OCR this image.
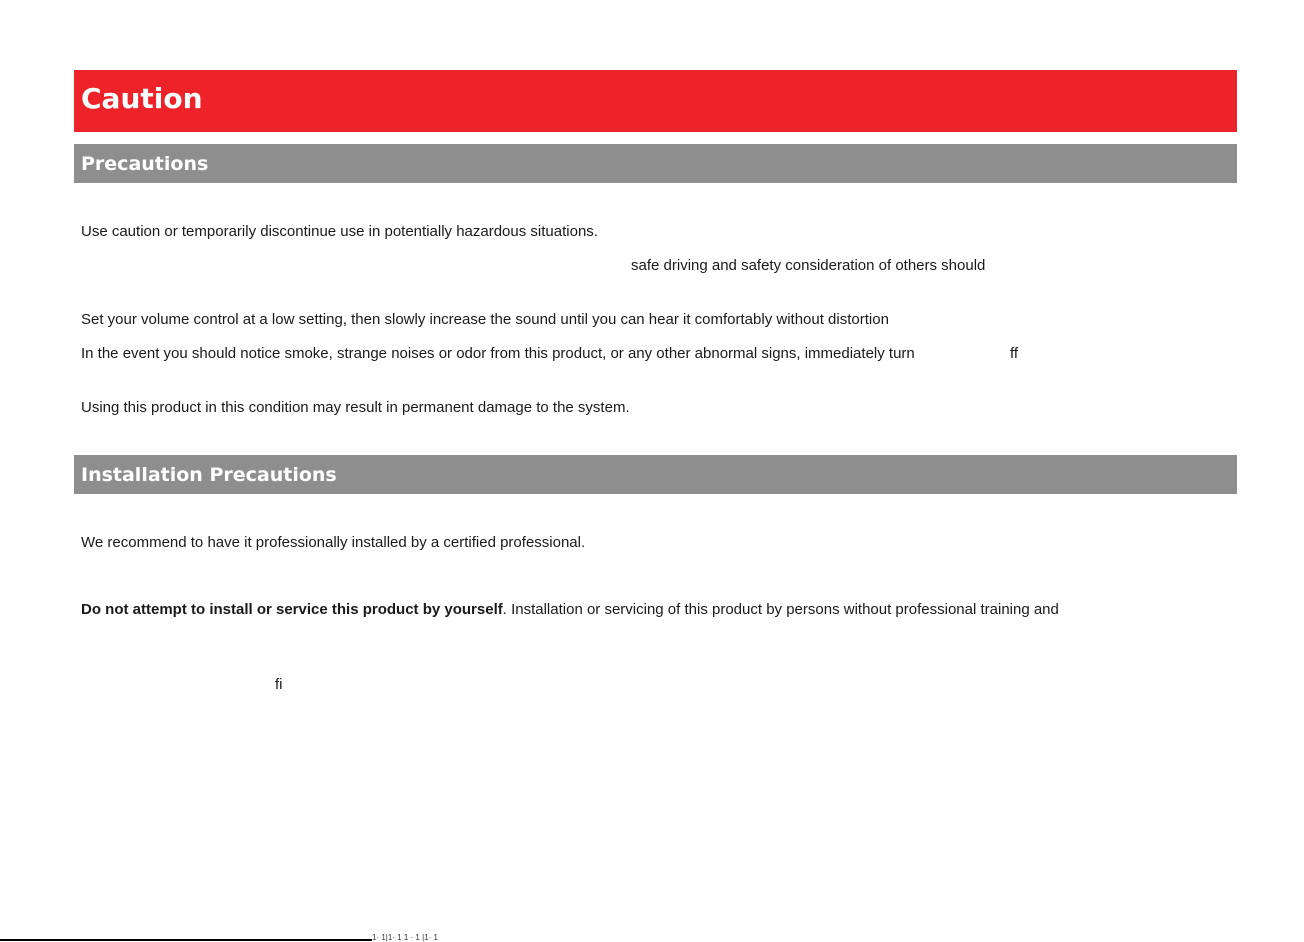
Caution
Precautions
Use caution or temporarily discontinue use in potentially hazardous situations.
safe driving and safety consideration of others should
Set your volume control at a low setting, then slowly increase the sound until you can hear it comfortably without distortion
In the event you should notice smoke, strange noises or odor from this product, or any other abnormal signs, immediately turn	ff
Using this product in this condition may result in permanent damage to the system.
Installation Precautions
We recommend to have it professionally installed by a certified professional.
Do not attempt to install or service this product by yourself. Installation or servicing of this product by persons without professional training and
fi
1· 1|1· 1 1 · 1 |1· 1
